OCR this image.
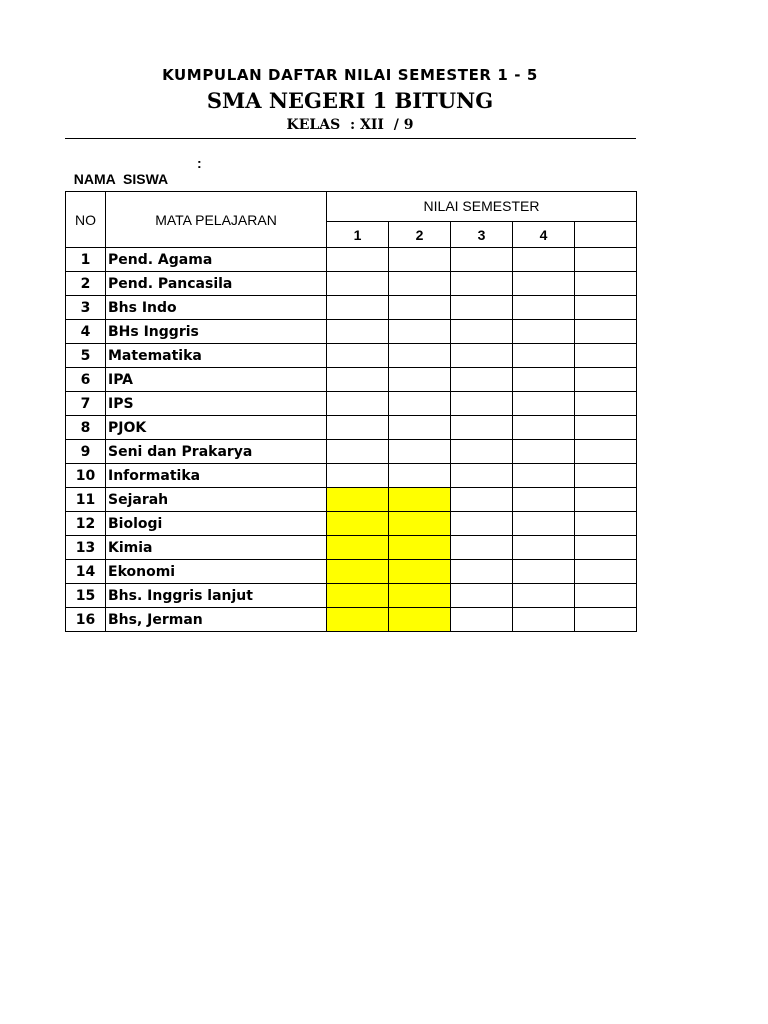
KUMPULAN DAFTAR NILAI SEMESTER 1 - 5
SMA NEGERI 1 BITUNG
KELAS  : XII  / 9

NAMA  SISWA

:

NO	MATA PELAJARAN	NILAI SEMESTER				
		1	2	3	4	
1	Pend. Agama					
2	Pend. Pancasila					
3	Bhs Indo					
4	BHs Inggris					
5	Matematika					
6	IPA					
7	IPS					
8	PJOK					
9	Seni dan Prakarya					
10	Informatika					
11	Sejarah					
12	Biologi					
13	Kimia					
14	Ekonomi					
15	Bhs. Inggris lanjut					
16	Bhs, Jerman					
